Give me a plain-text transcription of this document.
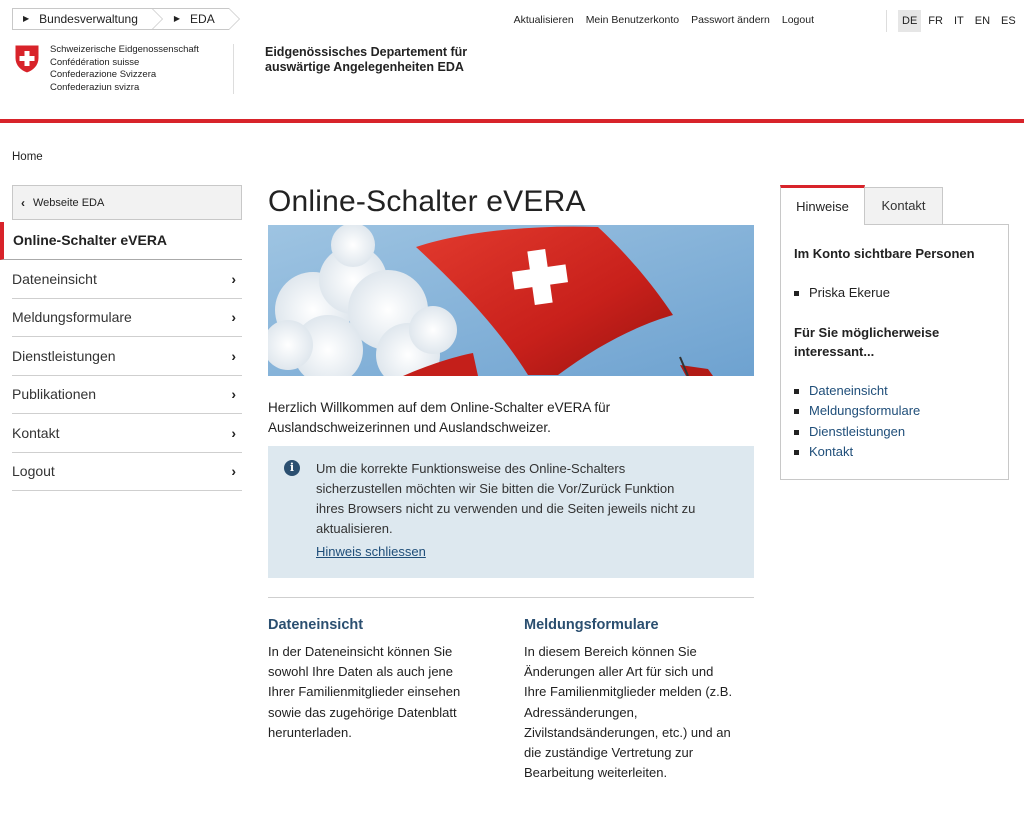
▶ Bundesverwaltung	▶ EDA	Aktualisieren Mein Benutzerkonto Passwort ändern Logout	DE	FR	IT	EN	ES
Schweizerische Eidgenossenschaft
Confédération suisse
Confederazione Svizzera
Confederaziun svizra
Eidgenössisches Departement für
auswärtige Angelegenheiten EDA
Home
‹ Webseite EDA
Online-Schalter eVERA
Dateneinsicht	›
Meldungsformulare	›
Dienstleistungen	›
Publikationen	›
Kontakt	›
Logout	›
Online-Schalter eVERA
Herzlich Willkommen auf dem Online-Schalter eVERA für
Auslandschweizerinnen und Auslandschweizer.
i	Um die korrekte Funktionsweise des Online-Schalters
sicherzustellen möchten wir Sie bitten die Vor/Zurück Funktion
ihres Browsers nicht zu verwenden und die Seiten jeweils nicht zu
aktualisieren.
Hinweis schliessen
Dateneinsicht

In der Dateneinsicht können Sie
sowohl Ihre Daten als auch jene
Ihrer Familienmitglieder einsehen
sowie das zugehörige Datenblatt
herunterladen.

Meldungsformulare

In diesem Bereich können Sie
Änderungen aller Art für sich und
Ihre Familienmitglieder melden (z.B.
Adressänderungen,
Zivilstandsänderungen, etc.) und an
die zuständige Vertretung zur
Bearbeitung weiterleiten.

Hinweise	Kontakt
Im Konto sichtbare Personen
Priska Ekerue
Für Sie möglicherweise
interessant...
Dateneinsicht
Meldungsformulare
Dienstleistungen
Kontakt
